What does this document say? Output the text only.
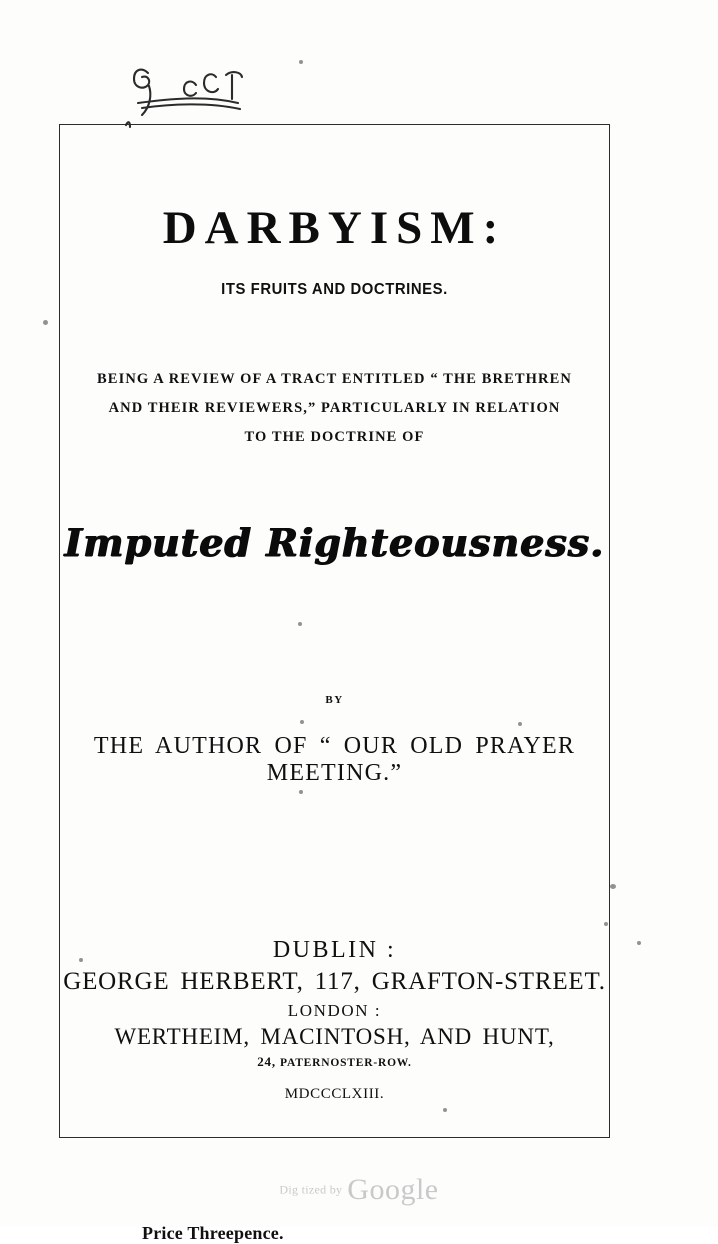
DARBYISM:
ITS FRUITS AND DOCTRINES.
BEING A REVIEW OF A TRACT ENTITLED “ THE BRETHREN
AND THEIR REVIEWERS,” PARTICULARLY IN RELATION
TO THE DOCTRINE OF
Imputed Righteousness.
BY
THE AUTHOR OF “ OUR OLD PRAYER MEETING.”
DUBLIN :
GEORGE HERBERT, 117, GRAFTON-STREET.
LONDON :
WERTHEIM, MACINTOSH, AND HUNT,
24, PATERNOSTER-ROW.
MDCCCLXIII.
Price Threepence.
Dig tized by Google
